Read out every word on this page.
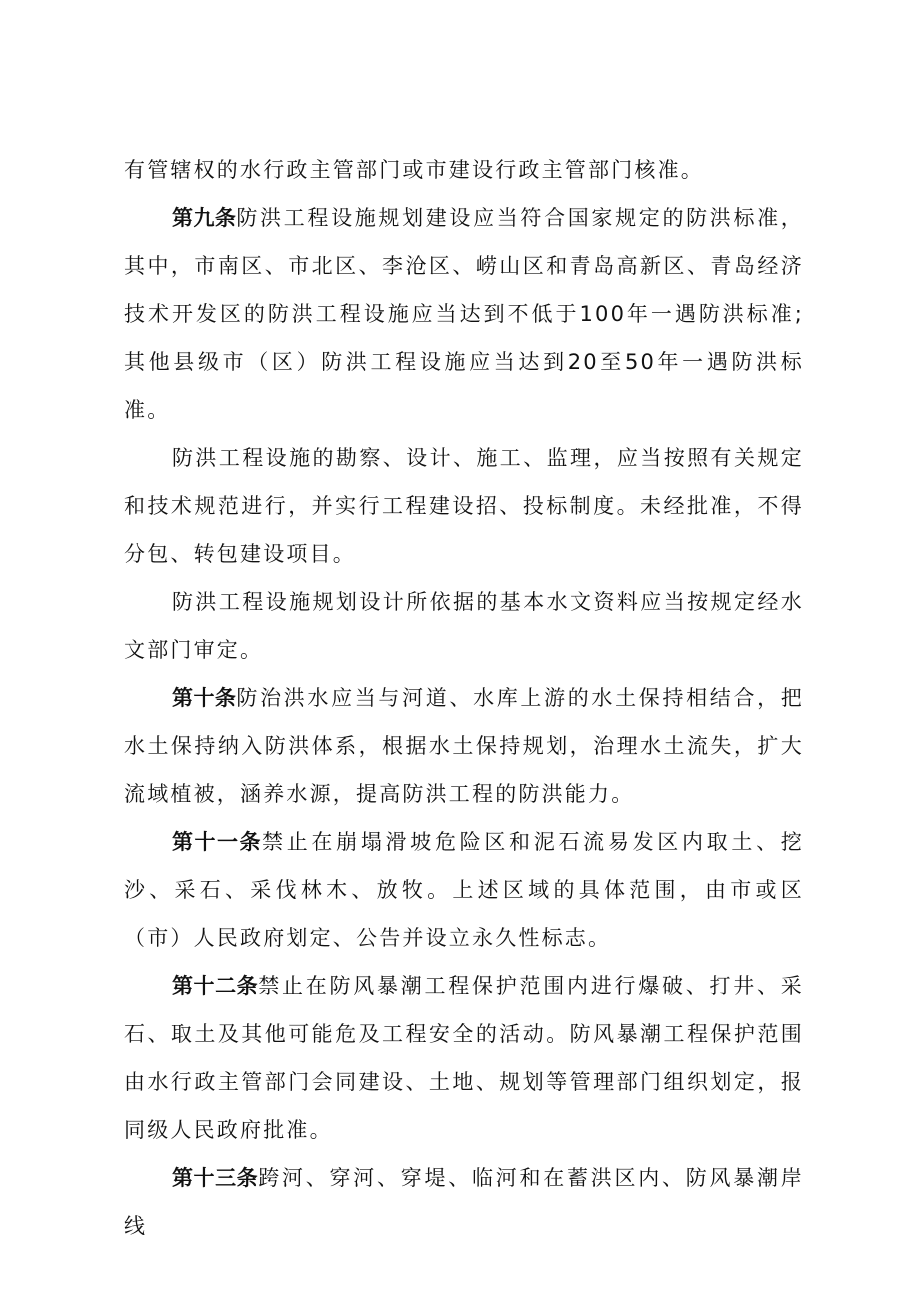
有管辖权的水行政主管部门或市建设行政主管部门核准。

第九条防洪工程设施规划建设应当符合国家规定的防洪标准，其中，市南区、市北区、李沧区、崂山区和青岛高新区、青岛经济技术开发区的防洪工程设施应当达到不低于100年一遇防洪标准;其他县级市（区）防洪工程设施应当达到20至50年一遇防洪标准。

防洪工程设施的勘察、设计、施工、监理，应当按照有关规定和技术规范进行，并实行工程建设招、投标制度。未经批准，不得分包、转包建设项目。

防洪工程设施规划设计所依据的基本水文资料应当按规定经水文部门审定。

第十条防治洪水应当与河道、水库上游的水土保持相结合，把水土保持纳入防洪体系，根据水土保持规划，治理水土流失，扩大流域植被，涵养水源，提高防洪工程的防洪能力。

第十一条禁止在崩塌滑坡危险区和泥石流易发区内取土、挖沙、采石、采伐林木、放牧。上述区域的具体范围，由市或区（市）人民政府划定、公告并设立永久性标志。

第十二条禁止在防风暴潮工程保护范围内进行爆破、打井、采石、取土及其他可能危及工程安全的活动。防风暴潮工程保护范围由水行政主管部门会同建设、土地、规划等管理部门组织划定，报同级人民政府批准。

第十三条跨河、穿河、穿堤、临河和在蓄洪区内、防风暴潮岸线
